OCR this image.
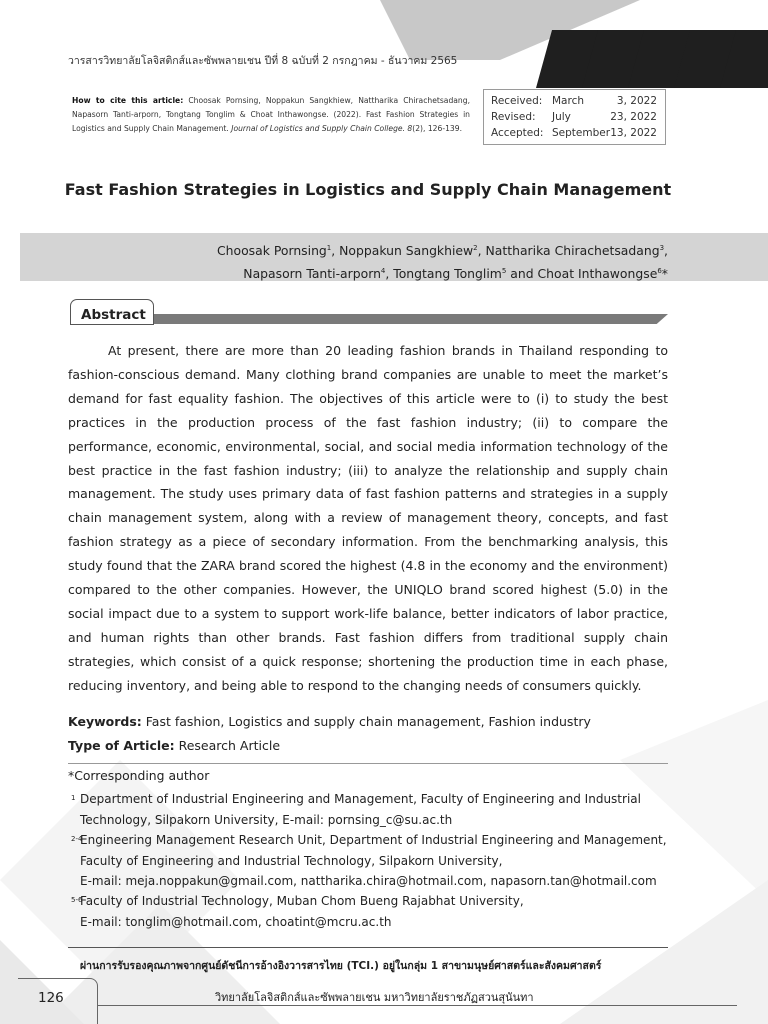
วารสารวิทยาลัยโลจิสติกส์และซัพพลายเชน ปีที่ 8 ฉบับที่ 2 กรกฎาคม - ธันวาคม 2565
How to cite this article: Choosak Pornsing, Noppakun Sangkhiew, Nattharika Chirachetsadang, Napasorn Tanti-arporn, Tongtang Tonglim & Choat Inthawongse. (2022). Fast Fashion Strategies in Logistics and Supply Chain Management. Journal of Logistics and Supply Chain College. 8(2), 126-139.
Received: March	3, 2022
Revised:	July	23, 2022
Accepted: September 13, 2022
Fast Fashion Strategies in Logistics and Supply Chain Management
Choosak Pornsing$^1$, Noppakun Sangkhiew$^2$, Nattharika Chirachetsadang$^3$,
Napasorn Tanti-arporn$^4$, Tongtang Tonglim$^5$ and Choat Inthawongse$^6$*
Abstract

At present, there are more than 20 leading fashion brands in Thailand responding to fashion-conscious demand. Many clothing brand companies are unable to meet the market’s demand for fast equality fashion. The objectives of this article were to (i) to study the best practices in the production process of the fast fashion industry; (ii) to compare the performance, economic, environmental, social, and social media information technology of the best practice in the fast fashion industry; (iii) to analyze the relationship and supply chain management. The study uses primary data of fast fashion patterns and strategies in a supply chain management system, along with a review of management theory, concepts, and fast fashion strategy as a piece of secondary information. From the benchmarking analysis, this study found that the ZARA brand scored the highest (4.8 in the economy and the environment) compared to the other companies. However, the UNIQLO brand scored highest (5.0) in the social impact due to a system to support work-life balance, better indicators of labor practice, and human rights than other brands. Fast fashion differs from traditional supply chain strategies, which consist of a quick response; shortening the production time in each phase, reducing inventory, and being able to respond to the changing needs of consumers quickly.

Keywords: Fast fashion, Logistics and supply chain management, Fashion industry
Type of Article: Research Article
*Corresponding author
1 Department of Industrial Engineering and Management, Faculty of Engineering and Industrial
Technology, Silpakorn University, E-mail: pornsing_c@su.ac.th
2-4
Engineering Management Research Unit, Department of Industrial Engineering and Management,
Faculty of Engineering and Industrial Technology, Silpakorn University,
E-mail: meja.noppakun@gmail.com, nattharika.chira@hotmail.com, napasorn.tan@hotmail.com
5-6
Faculty of Industrial Technology, Muban Chom Bueng Rajabhat University,
E-mail: tonglim@hotmail.com, choatint@mcru.ac.th
ผ่านการรับรองคุณภาพจากศูนย์ดัชนีการอ้างอิงวารสารไทย (TCI.) อยู่ในกลุ่ม 1 สาขามนุษย์ศาสตร์และสังคมศาสตร์
126	วิทยาลัยโลจิสติกส์และซัพพลายเชน มหาวิทยาลัยราชภัฏสวนสุนันทา
